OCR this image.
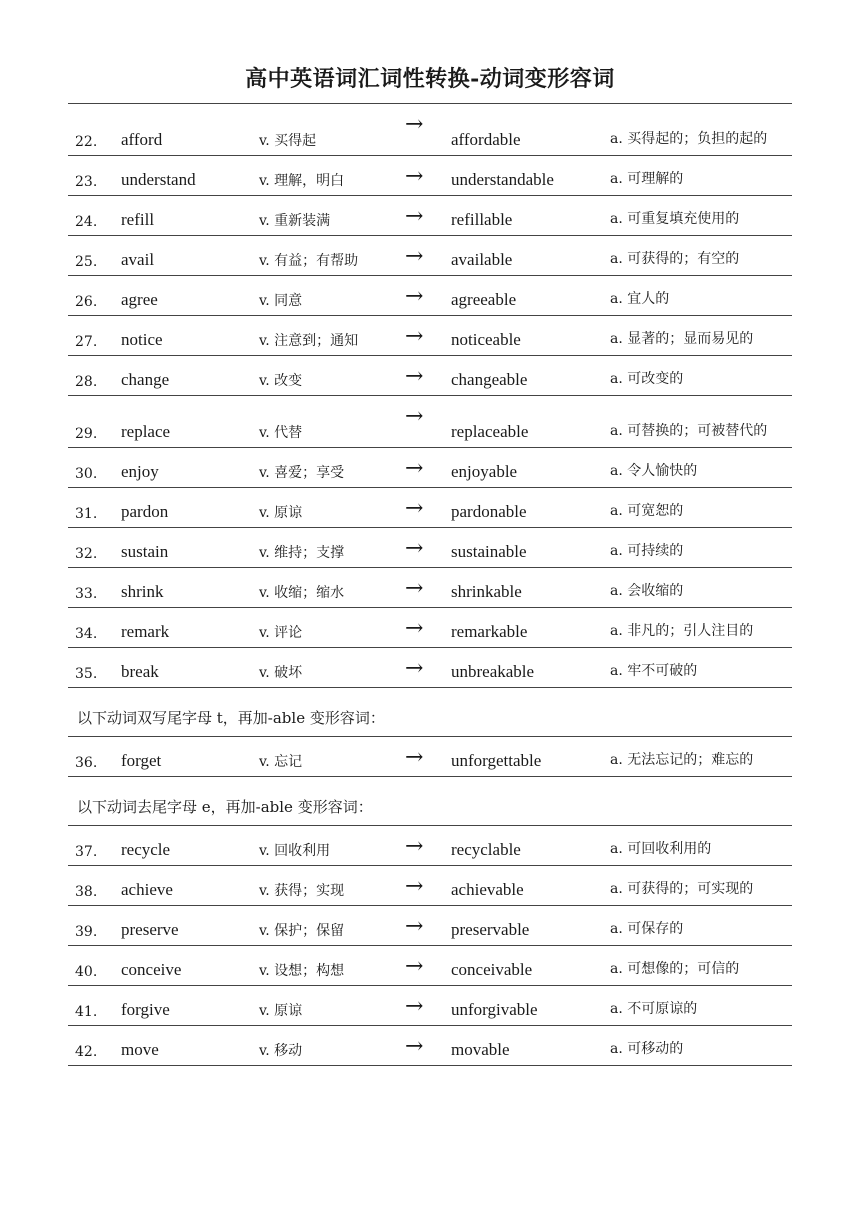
高中英语词汇词性转换-动词变形容词
22.	afford	v. 买得起	→	affordable	a. 买得起的；负担的起的
23.	understand	v. 理解，明白	→	understandable	a. 可理解的
24.	refill	v. 重新装满	→	refillable	a. 可重复填充使用的
25.	avail	v. 有益；有帮助	→	available	a. 可获得的；有空的
26.	agree	v. 同意	→	agreeable	a. 宜人的
27.	notice	v. 注意到；通知	→	noticeable	a. 显著的；显而易见的
28.	change	v. 改变	→	changeable	a. 可改变的
29.	replace	v. 代替	→	replaceable	a. 可替换的；可被替代的
30.	enjoy	v. 喜爱；享受	→	enjoyable	a. 令人愉快的
31.	pardon	v. 原谅	→	pardonable	a. 可宽恕的
32.	sustain	v. 维持；支撑	→	sustainable	a. 可持续的
33.	shrink	v. 收缩；缩水	→	shrinkable	a. 会收缩的
34.	remark	v. 评论	→	remarkable	a. 非凡的；引人注目的
35.	break	v. 破坏	→	unbreakable	a. 牢不可破的
以下动词双写尾字母 t，再加-able 变形容词：					
36.	forget	v. 忘记	→	unforgettable	a. 无法忘记的；难忘的
以下动词去尾字母 e，再加-able 变形容词：					
37.	recycle	v. 回收利用	→	recyclable	a. 可回收利用的
38.	achieve	v. 获得；实现	→	achievable	a. 可获得的；可实现的
39.	preserve	v. 保护；保留	→	preservable	a. 可保存的
40.	conceive	v. 设想；构想	→	conceivable	a. 可想像的；可信的
41.	forgive	v. 原谅	→	unforgivable	a. 不可原谅的
42.	move	v. 移动	→	movable	a. 可移动的
